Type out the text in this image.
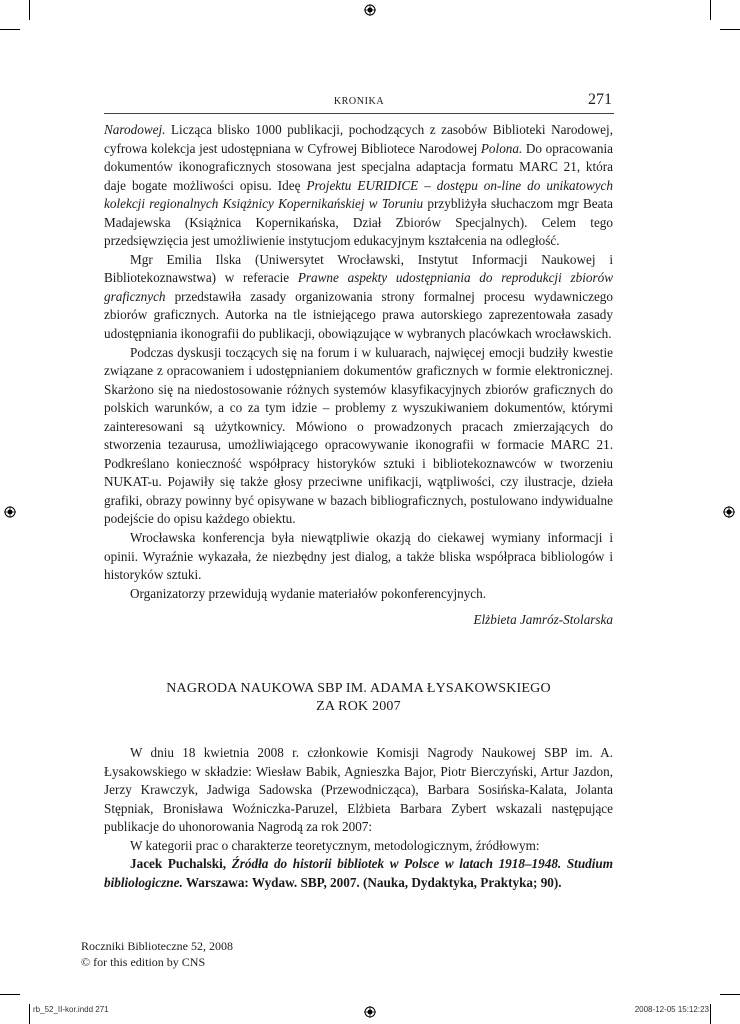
KRONIKA	271

Narodowej. Licząca blisko 1000 publikacji, pochodzących z zasobów Biblioteki Narodowej, cyfrowa kolekcja jest udostępniana w Cyfrowej Bibliotece Narodowej Polona. Do opracowania dokumentów ikonograficznych stosowana jest specjalna adaptacja formatu MARC 21, która daje bogate możliwości opisu. Ideę Projektu EURIDICE – dostępu on-line do unikatowych kolekcji regionalnych Książnicy Kopernikańskiej w Toruniu przybliżyła słuchaczom mgr Beata Madajewska (Książnica Kopernikańska, Dział Zbiorów Specjalnych). Celem tego przedsięwzięcia jest umożliwienie instytucjom edukacyjnym kształcenia na odległość.

Mgr Emilia Ilska (Uniwersytet Wrocławski, Instytut Informacji Naukowej i Bibliotekoznawstwa) w referacie Prawne aspekty udostępniania do reprodukcji zbiorów graficznych przedstawiła zasady organizowania strony formalnej procesu wydawniczego zbiorów graficznych. Autorka na tle istniejącego prawa autorskiego zaprezentowała zasady udostępniania ikonografii do publikacji, obowiązujące w wybranych placówkach wrocławskich.

Podczas dyskusji toczących się na forum i w kuluarach, najwięcej emocji budziły kwestie związane z opracowaniem i udostępnianiem dokumentów graficznych w formie elektronicznej. Skarżono się na niedostosowanie różnych systemów klasyfikacyjnych zbiorów graficznych do polskich warunków, a co za tym idzie – problemy z wyszukiwaniem dokumentów, którymi zainteresowani są użytkownicy. Mówiono o prowadzonych pracach zmierzających do stworzenia tezaurusa, umożliwiającego opracowywanie ikonografii w formacie MARC 21. Podkreślano konieczność współpracy historyków sztuki i bibliotekoznawców w tworzeniu NUKAT-u. Pojawiły się także głosy przeciwne unifikacji, wątpliwości, czy ilustracje, dzieła grafiki, obrazy powinny być opisywane w bazach bibliograficznych, postulowano indywidualne podejście do opisu każdego obiektu.

Wrocławska konferencja była niewątpliwie okazją do ciekawej wymiany informacji i opinii. Wyraźnie wykazała, że niezbędny jest dialog, a także bliska współpraca bibliologów i historyków sztuki.

Organizatorzy przewidują wydanie materiałów pokonferencyjnych.

Elżbieta Jamróz-Stolarska
NAGRODA NAUKOWA SBP IM. ADAMA ŁYSAKOWSKIEGO
ZA ROK 2007

W dniu 18 kwietnia 2008 r. członkowie Komisji Nagrody Naukowej SBP im. A. Łysakowskiego w składzie: Wiesław Babik, Agnieszka Bajor, Piotr Bierczyński, Artur Jazdon, Jerzy Krawczyk, Jadwiga Sadowska (Przewodnicząca), Barbara Sosińska-Kalata, Jolanta Stępniak, Bronisława Woźniczka-Paruzel, Elżbieta Barbara Zybert wskazali następujące publikacje do uhonorowania Nagrodą za rok 2007:

W kategorii prac o charakterze teoretycznym, metodologicznym, źródłowym:

Jacek Puchalski, Źródła do historii bibliotek w Polsce w latach 1918–1948. Studium bibliologiczne. Warszawa: Wydaw. SBP, 2007. (Nauka, Dydaktyka, Praktyka; 90).

Roczniki Biblioteczne 52, 2008
© for this edition by CNS
rb_52_II-kor.indd 271	2008-12-05 15:12:23
